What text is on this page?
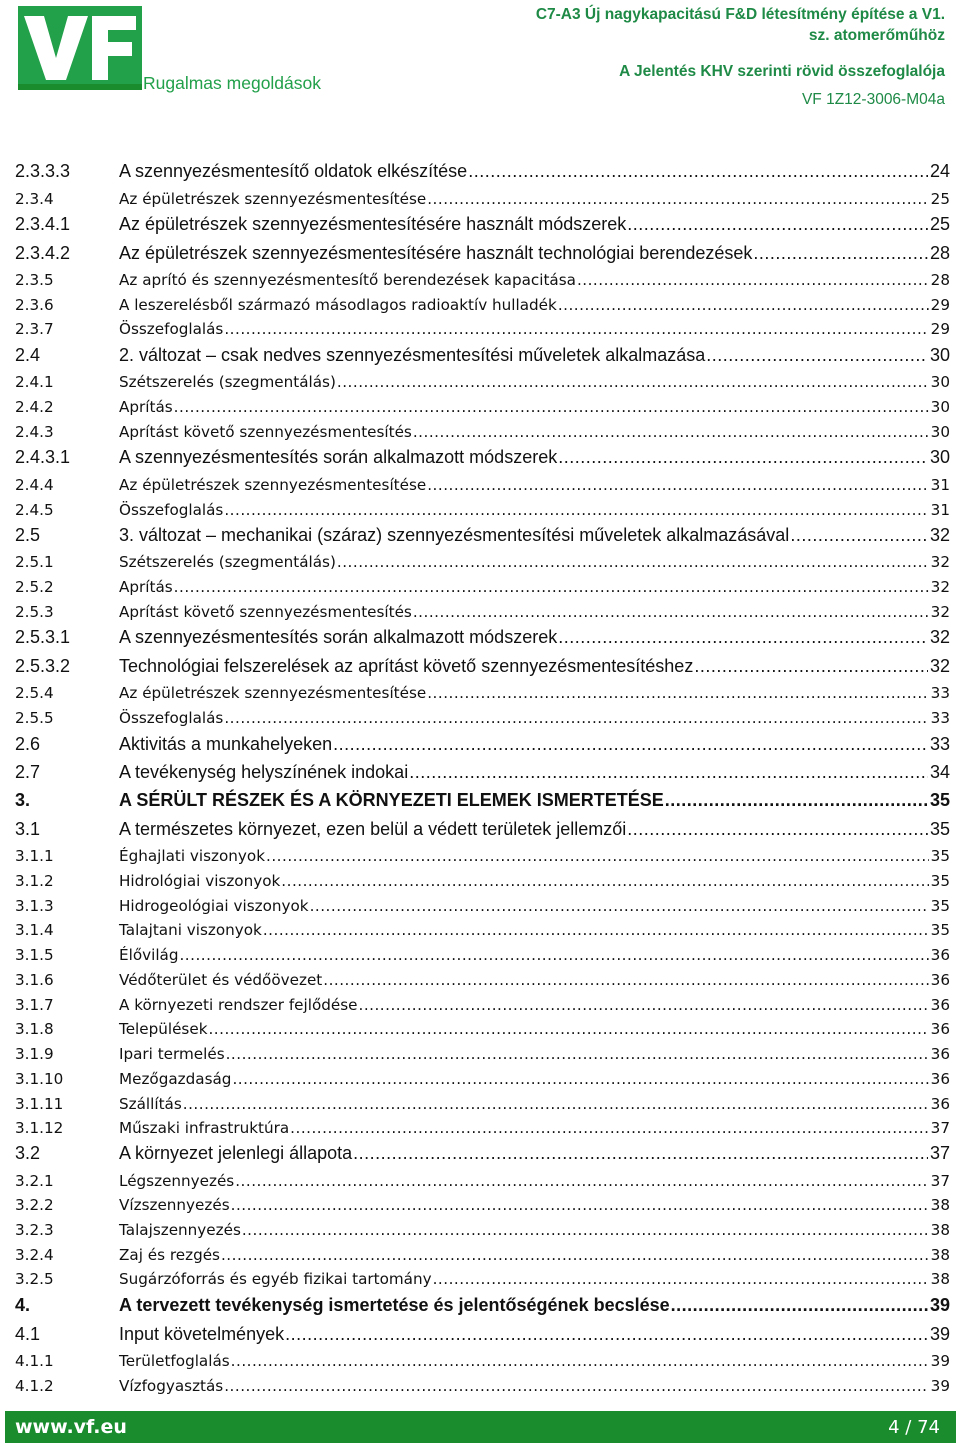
Rugalmas megoldások
C7-A3 Új nagykapacitású F&D létesítmény építése a V1.
sz. atomerőműhöz
A Jelentés KHV szerinti rövid összefoglalója
VF 1Z12-3006-M04a
2.3.3.3	A szennyezésmentesítő oldatok elkészítése .....	24
2.3.4	Az épületrészek szennyezésmentesítése .....	25
2.3.4.1	Az épületrészek szennyezésmentesítésére használt módszerek .....	25
2.3.4.2	Az épületrészek szennyezésmentesítésére használt technológiai berendezések .....	28
2.3.5	Az aprító és szennyezésmentesítő berendezések kapacitása .....	28
2.3.6	A leszerelésből származó másodlagos radioaktív hulladék .....	29
2.3.7	Összefoglalás .....	29
2.4	2. változat – csak nedves szennyezésmentesítési műveletek alkalmazása .....	30
2.4.1	Szétszerelés (szegmentálás) .....	30
2.4.2	Aprítás .....	30
2.4.3	Aprítást követő szennyezésmentesítés .....	30
2.4.3.1	A szennyezésmentesítés során alkalmazott módszerek .....	30
2.4.4	Az épületrészek szennyezésmentesítése .....	31
2.4.5	Összefoglalás .....	31
2.5	3. változat – mechanikai (száraz) szennyezésmentesítési műveletek alkalmazásával .....	32
2.5.1	Szétszerelés (szegmentálás) .....	32
2.5.2	Aprítás .....	32
2.5.3	Aprítást követő szennyezésmentesítés .....	32
2.5.3.1	A szennyezésmentesítés során alkalmazott módszerek .....	32
2.5.3.2	Technológiai felszerelések az aprítást követő szennyezésmentesítéshez .....	32
2.5.4	Az épületrészek szennyezésmentesítése .....	33
2.5.5	Összefoglalás .....	33
2.6	Aktivitás a munkahelyeken .....	33
2.7	A tevékenység helyszínének indokai .....	34
3.	A SÉRÜLT RÉSZEK ÉS A KÖRNYEZETI ELEMEK ISMERTETÉSE .....	35
3.1	A természetes környezet, ezen belül a védett területek jellemzői .....	35
3.1.1	Éghajlati viszonyok .....	35
3.1.2	Hidrológiai viszonyok .....	35
3.1.3	Hidrogeológiai viszonyok .....	35
3.1.4	Talajtani viszonyok .....	35
3.1.5	Élővilág .....	36
3.1.6	Védőterület és védőövezet .....	36
3.1.7	A környezeti rendszer fejlődése .....	36
3.1.8	Települések .....	36
3.1.9	Ipari termelés .....	36
3.1.10	Mezőgazdaság .....	36
3.1.11	Szállítás .....	36
3.1.12	Műszaki infrastruktúra .....	37
3.2	A környezet jelenlegi állapota .....	37
3.2.1	Légszennyezés .....	37
3.2.2	Vízszennyezés .....	38
3.2.3	Talajszennyezés .....	38
3.2.4	Zaj és rezgés .....	38
3.2.5	Sugárzóforrás és egyéb fizikai tartomány .....	38
4.	A tervezett tevékenység ismertetése és jelentőségének becslése .....	39
4.1	Input követelmények .....	39
4.1.1	Területfoglalás .....	39
4.1.2	Vízfogyasztás .....	39
www.vf.eu	4 / 74
